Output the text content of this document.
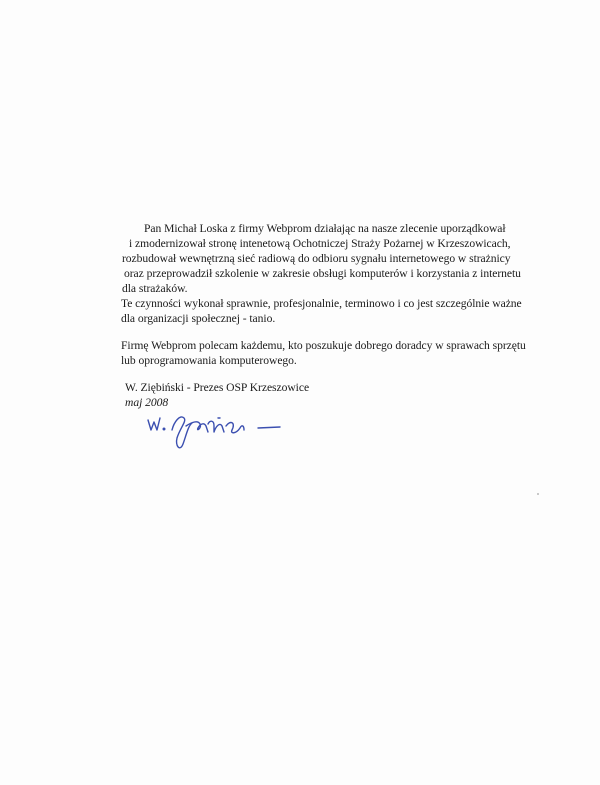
Pan Michał Loska z firmy Webprom działając na nasze zlecenie uporządkował
i zmodernizował stronę intenetową Ochotniczej Straży Pożarnej w Krzeszowicach,
rozbudował wewnętrzną sieć radiową do odbioru sygnału internetowego w strażnicy
oraz przeprowadził szkolenie w zakresie obsługi komputerów i korzystania z internetu
dla strażaków.
Te czynności wykonał sprawnie, profesjonalnie, terminowo i co jest szczególnie ważne
dla organizacji społecznej - tanio.
Firmę Webprom polecam każdemu, kto poszukuje dobrego doradcy w sprawach sprzętu
lub oprogramowania komputerowego.
W. Ziębiński - Prezes OSP Krzeszowice
maj 2008
